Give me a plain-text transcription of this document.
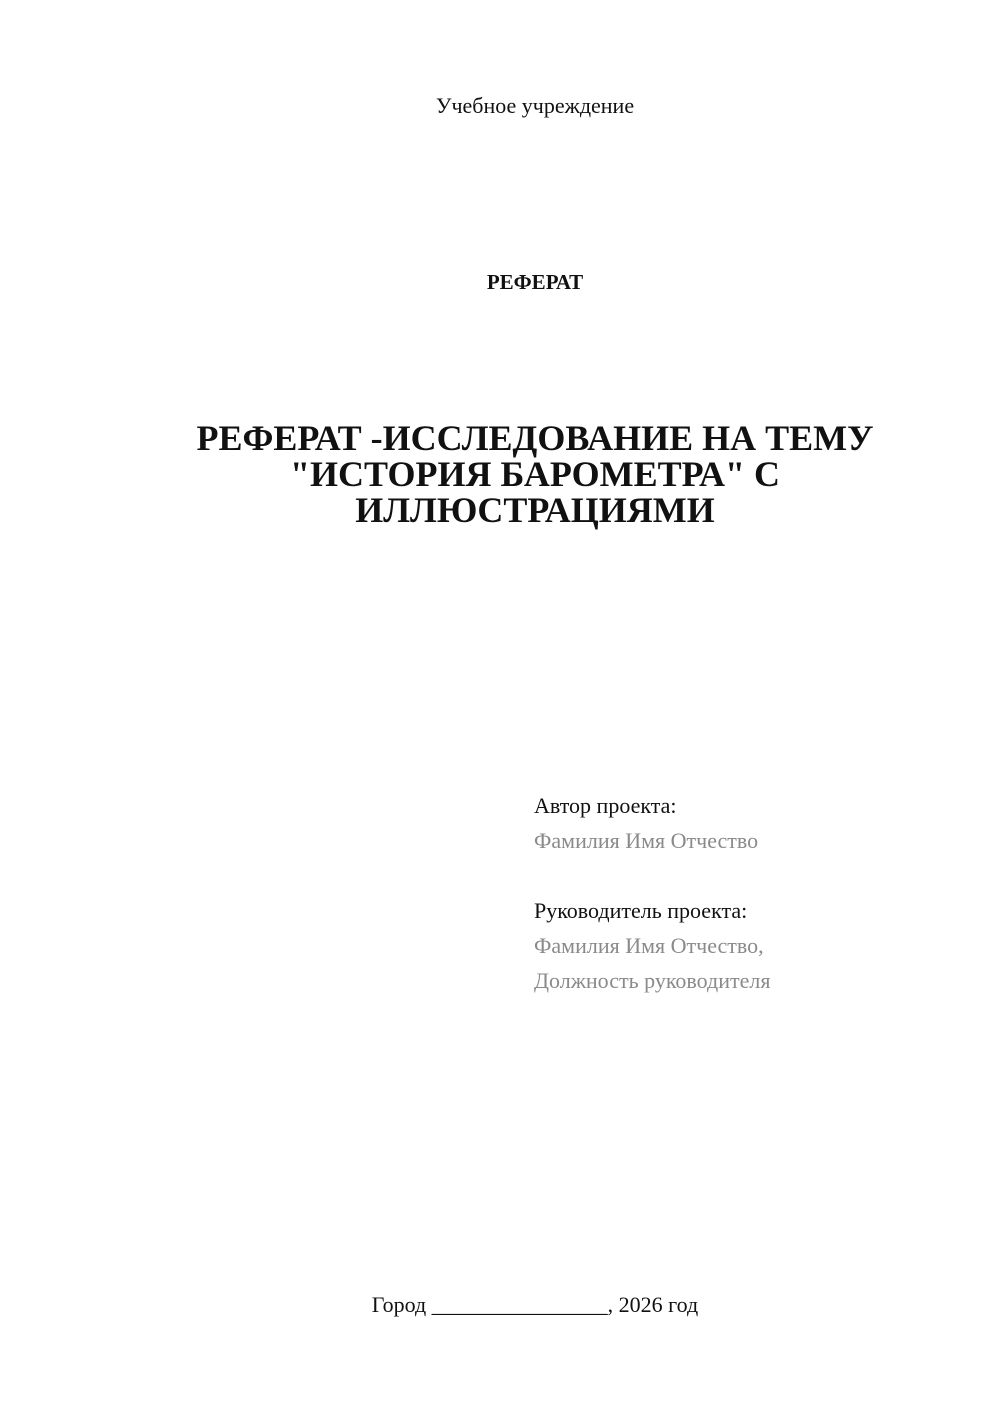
Учебное учреждение
РЕФЕРАТ
РЕФЕРАТ -ИССЛЕДОВАНИЕ НА ТЕМУ
"ИСТОРИЯ БАРОМЕТРА" С
ИЛЛЮСТРАЦИЯМИ
Автор проекта:
Фамилия Имя Отчество
Руководитель проекта:
Фамилия Имя Отчество,
Должность руководителя
Город ________________, 2026 год
